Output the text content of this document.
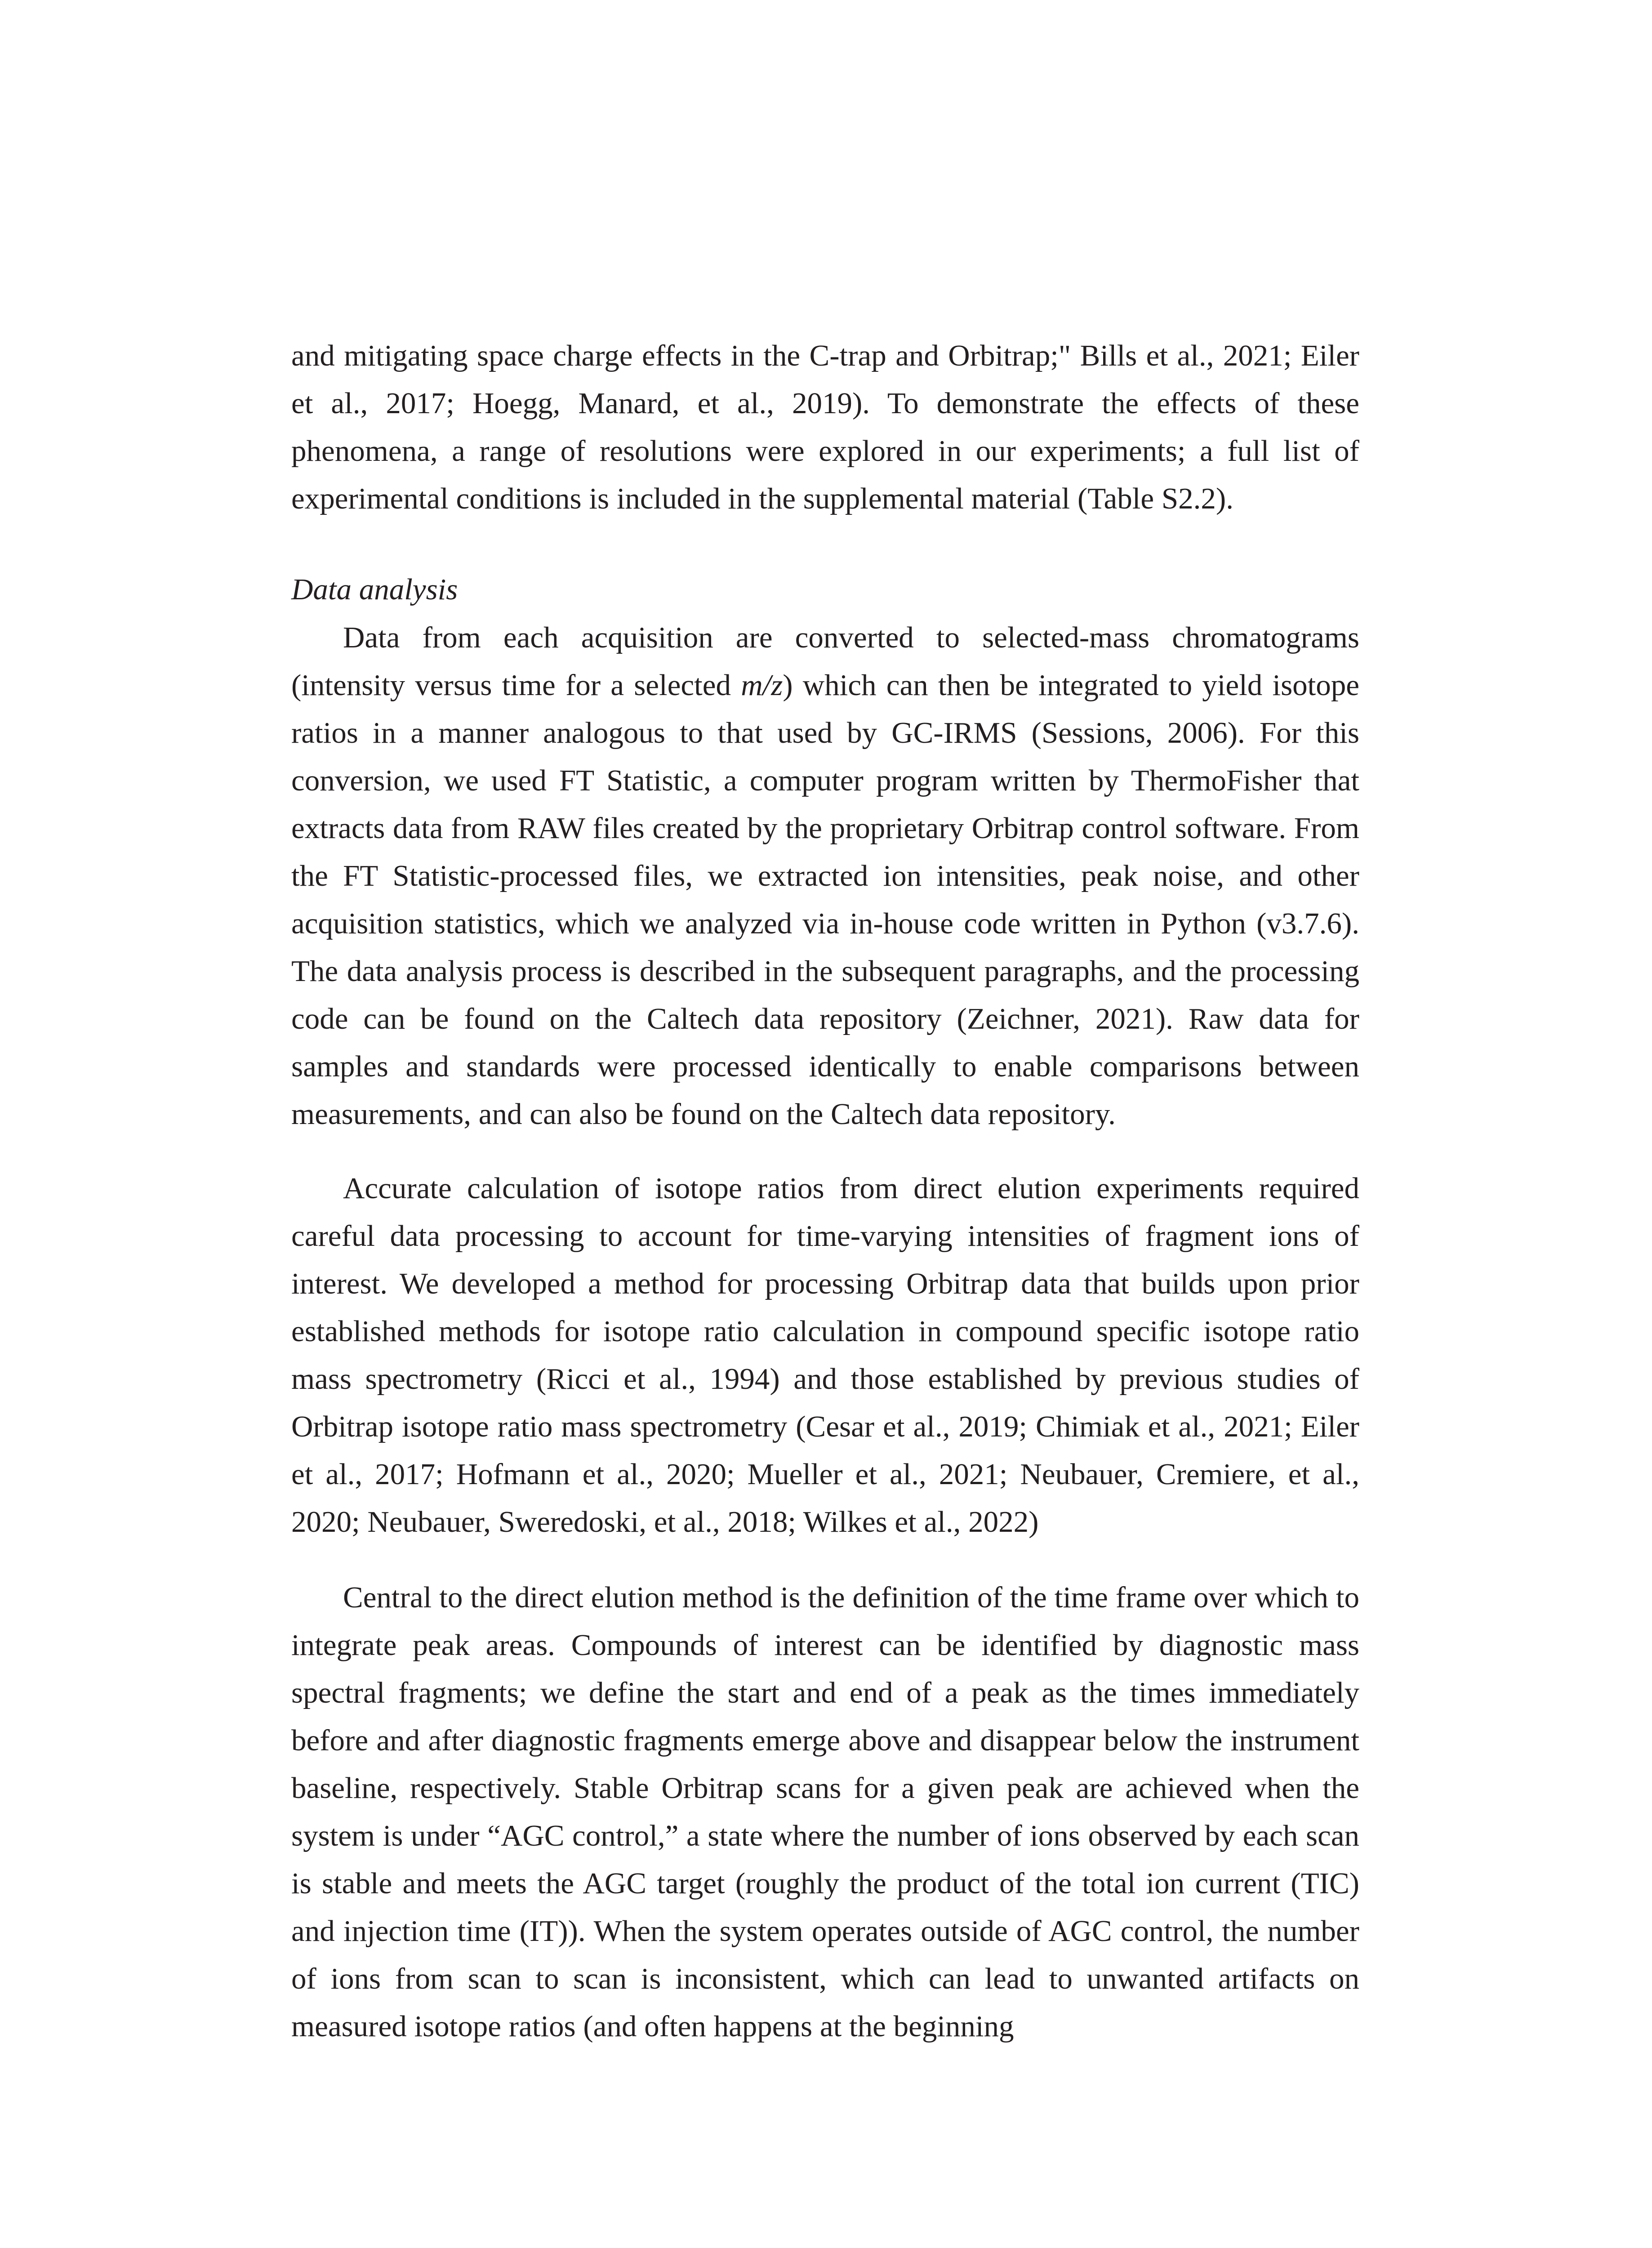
and mitigating space charge effects in the C-trap and Orbitrap;" Bills et al., 2021; Eiler et al., 2017; Hoegg, Manard, et al., 2019). To demonstrate the effects of these phenomena, a range of resolutions were explored in our experiments; a full list of experimental conditions is included in the supplemental material (Table S2.2).

Data analysis

Data from each acquisition are converted to selected-mass chromatograms (intensity versus time for a selected m/z) which can then be integrated to yield isotope ratios in a manner analogous to that used by GC-IRMS (Sessions, 2006). For this conversion, we used FT Statistic, a computer program written by ThermoFisher that extracts data from RAW files created by the proprietary Orbitrap control software. From the FT Statistic-processed files, we extracted ion intensities, peak noise, and other acquisition statistics, which we analyzed via in-house code written in Python (v3.7.6). The data analysis process is described in the subsequent paragraphs, and the processing code can be found on the Caltech data repository (Zeichner, 2021). Raw data for samples and standards were processed identically to enable comparisons between measurements, and can also be found on the Caltech data repository.

Accurate calculation of isotope ratios from direct elution experiments required careful data processing to account for time-varying intensities of fragment ions of interest. We developed a method for processing Orbitrap data that builds upon prior established methods for isotope ratio calculation in compound specific isotope ratio mass spectrometry (Ricci et al., 1994) and those established by previous studies of Orbitrap isotope ratio mass spectrometry (Cesar et al., 2019; Chimiak et al., 2021; Eiler et al., 2017; Hofmann et al., 2020; Mueller et al., 2021; Neubauer, Cremiere, et al., 2020; Neubauer, Sweredoski, et al., 2018; Wilkes et al., 2022)

Central to the direct elution method is the definition of the time frame over which to integrate peak areas. Compounds of interest can be identified by diagnostic mass spectral fragments; we define the start and end of a peak as the times immediately before and after diagnostic fragments emerge above and disappear below the instrument baseline, respectively. Stable Orbitrap scans for a given peak are achieved when the system is under “AGC control,” a state where the number of ions observed by each scan is stable and meets the AGC target (roughly the product of the total ion current (TIC) and injection time (IT)). When the system operates outside of AGC control, the number of ions from scan to scan is inconsistent, which can lead to unwanted artifacts on measured isotope ratios (and often happens at the beginning
